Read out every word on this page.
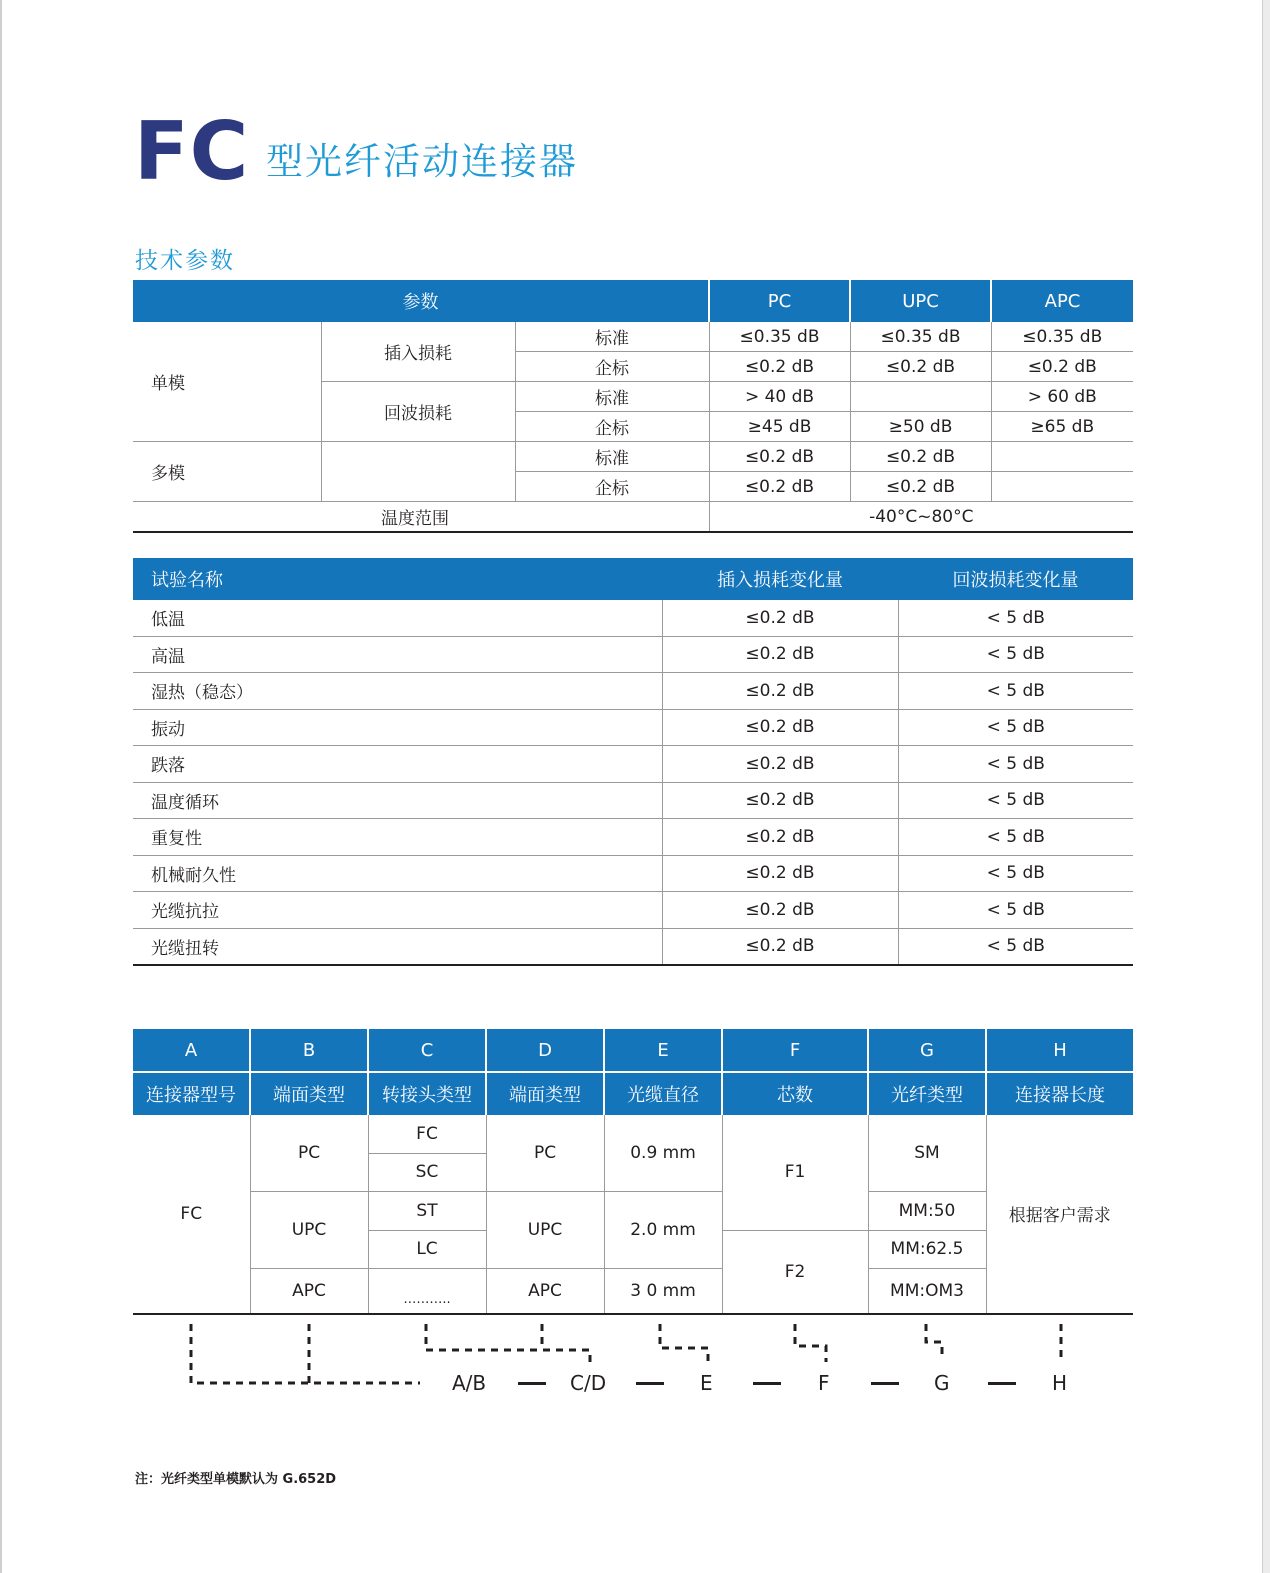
FC 型光纤活动连接器
技术参数
参数			PC	UPC	APC
单模	插入损耗	标准	≤0.35 dB	≤0.35 dB	≤0.35 dB
		企标	≤0.2 dB	≤0.2 dB	≤0.2 dB
	回波损耗	标准	> 40 dB		> 60 dB
		企标	≥45 dB	≥50 dB	≥65 dB
多模		标准	≤0.2 dB	≤0.2 dB	
		企标	≤0.2 dB	≤0.2 dB	
	温度范围		-40°C~80°C		
试验名称	插入损耗变化量	回波损耗变化量
低温	≤0.2 dB	< 5 dB
高温	≤0.2 dB	< 5 dB
湿热（稳态）	≤0.2 dB	< 5 dB
振动	≤0.2 dB	< 5 dB
跌落	≤0.2 dB	< 5 dB
温度循环	≤0.2 dB	< 5 dB
重复性	≤0.2 dB	< 5 dB
机械耐久性	≤0.2 dB	< 5 dB
光缆抗拉	≤0.2 dB	< 5 dB
光缆扭转	≤0.2 dB	< 5 dB
A	B	C	D	E	F	G	H
连接器型号	端面类型	转接头类型	端面类型	光缆直径	芯数	光纤类型	连接器长度
FC	PC	FC	PC	0.9 mm	F1	SM	根据客户需求
		SC					
	UPC	ST	UPC	2.0 mm		MM:50	
		LC			F2	MM:62.5	
	APC	………..	APC	3 0 mm		MM:OM3	

A/B	C/D	E	F	G	H
注：光纤类型单模默认为 G.652D
